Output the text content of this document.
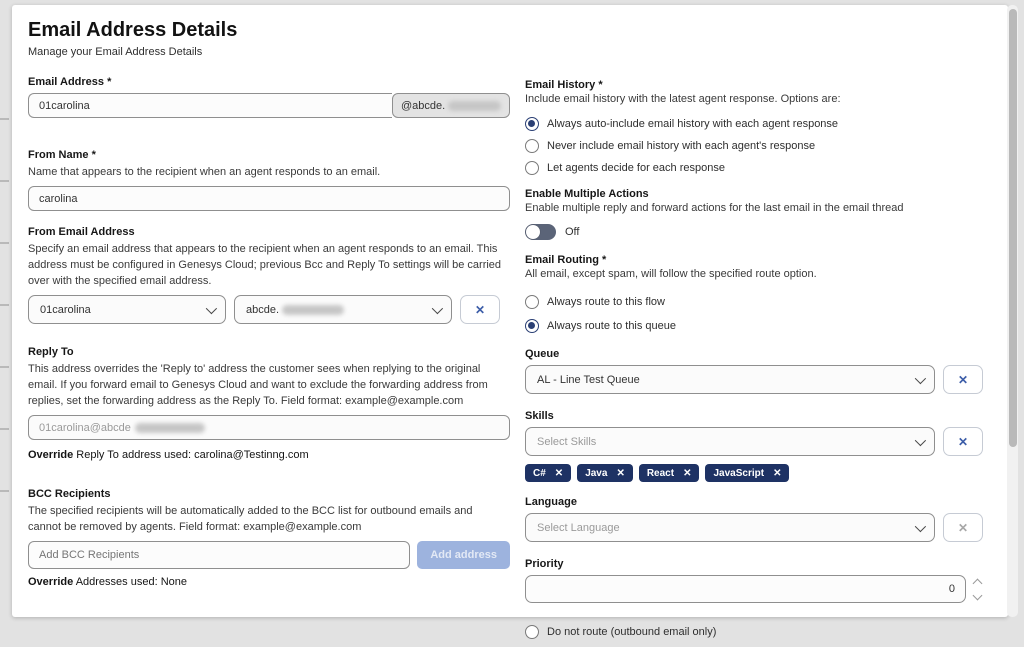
Email Address Details
Manage your Email Address Details
Email Address *
01carolina
@abcde.
From Name *
Name that appears to the recipient when an agent responds to an email.
carolina
From Email Address
Specify an email address that appears to the recipient when an agent responds to an email. This address must be configured in Genesys Cloud; previous Bcc and Reply To settings will be carried over with the specified email address.
01carolina	abcde.	✕
Reply To
This address overrides the 'Reply to' address the customer sees when replying to the original email. If you forward email to Genesys Cloud and want to exclude the forwarding address from replies, set the forwarding address as the Reply To. Field format: example@example.com
01carolina@abcde
Override Reply To address used: carolina@Testinng.com
BCC Recipients
The specified recipients will be automatically added to the BCC list for outbound emails and
cannot be removed by agents. Field format: example@example.com
Add BCC Recipients
Add address
Override Addresses used: None
Email History *
Include email history with the latest agent response. Options are:
Always auto-include email history with each agent response
Never include email history with each agent's response
Let agents decide for each response
Enable Multiple Actions
Enable multiple reply and forward actions for the last email in the email thread
Off
Email Routing *
All email, except spam, will follow the specified route option.
Always route to this flow
Always route to this queue
Queue
AL - Line Test Queue	✕
Skills
Select Skills	✕
C# ✕ Java ✕ React ✕ JavaScript ✕
Language
Select Language	✕
Priority
0
Do not route (outbound email only)
